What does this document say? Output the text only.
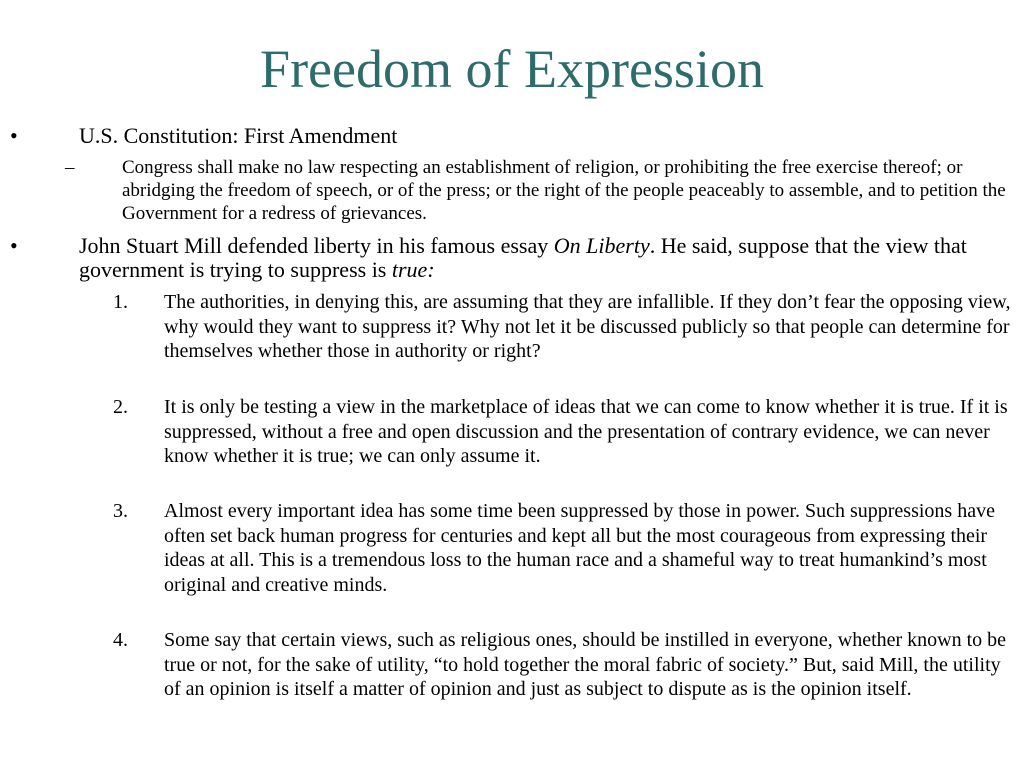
Freedom of Expression
•	U.S. Constitution: First Amendment
–	Congress shall make no law respecting an establishment of religion, or prohibiting the free exercise thereof; or abridging the freedom of speech, or of the press; or the right of the people peaceably to assemble, and to petition the Government for a redress of grievances.
•	John Stuart Mill defended liberty in his famous essay On Liberty. He said, suppose that the view that government is trying to suppress is true:
1. The authorities, in denying this, are assuming that they are infallible. If they don’t fear the opposing view, why would they want to suppress it? Why not let it be discussed publicly so that people can determine for themselves whether those in authority or right?
2. It is only be testing a view in the marketplace of ideas that we can come to know whether it is true. If it is suppressed, without a free and open discussion and the presentation of contrary evidence, we can never know whether it is true; we can only assume it.
3. Almost every important idea has some time been suppressed by those in power. Such suppressions have often set back human progress for centuries and kept all but the most courageous from expressing their ideas at all. This is a tremendous loss to the human race and a shameful way to treat humankind’s most original and creative minds.
4. Some say that certain views, such as religious ones, should be instilled in everyone, whether known to be true or not, for the sake of utility, “to hold together the moral fabric of society.” But, said Mill, the utility of an opinion is itself a matter of opinion and just as subject to dispute as is the opinion itself.
